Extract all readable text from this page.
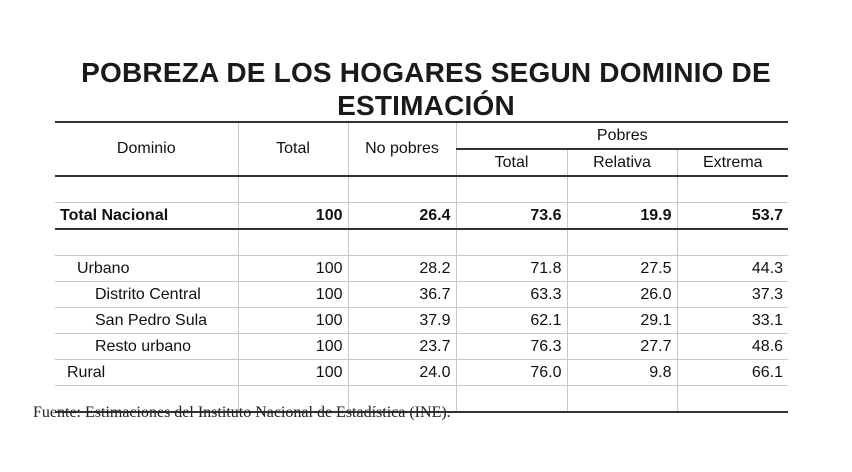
POBREZA DE LOS HOGARES SEGUN DOMINIO DE
ESTIMACIÓN
Dominio	Total	No pobres	Pobres		
			Total	Relativa	Extrema

Total Nacional	100	26.4	73.6	19.9	53.7

Urbano	100	28.2	71.8	27.5	44.3
Distrito Central	100	36.7	63.3	26.0	37.3
San Pedro Sula	100	37.9	62.1	29.1	33.1
Resto urbano	100	23.7	76.3	27.7	48.6
Rural	100	24.0	76.0	9.8	66.1

Fuente: Estimaciones del Instituto Nacional de Estadística (INE).
